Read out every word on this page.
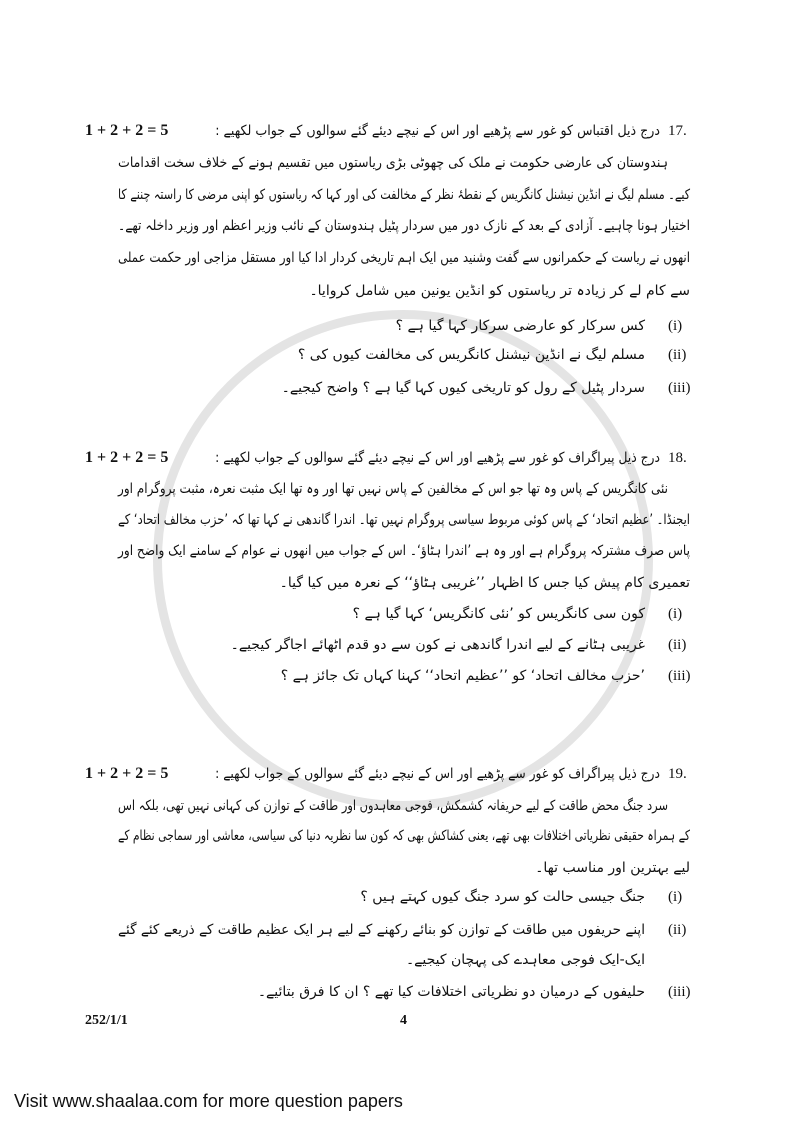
17.
درج ذیل اقتباس کو غور سے پڑھیے اور اس کے نیچے دیئے گئے سوالوں کے جواب لکھیے :
1 + 2 + 2 = 5
ہندوستان کی عارضی حکومت نے ملک کی چھوٹی بڑی ریاستوں میں تقسیم ہونے کے خلاف سخت اقدامات
کیے۔ مسلم لیگ نے انڈین نیشنل کانگریس کے نقطۂ نظر کے مخالفت کی اور کہا کہ ریاستوں کو اپنی مرضی کا راستہ چننے کا
اختیار ہونا چاہیے۔ آزادی کے بعد کے نازک دور میں سردار پٹیل ہندوستان کے نائب وزیر اعظم اور وزیر داخلہ تھے۔
انھوں نے ریاست کے حکمرانوں سے گفت وشنید میں ایک اہم تاریخی کردار ادا کیا اور مستقل مزاجی اور حکمت عملی
سے کام لے کر زیادہ تر ریاستوں کو انڈین یونین میں شامل کروایا۔
(i)
کس سرکار کو عارضی سرکار کہا گیا ہے ؟
(ii)
مسلم لیگ نے انڈین نیشنل کانگریس کی مخالفت کیوں کی ؟
(iii)
سردار پٹیل کے رول کو تاریخی کیوں کہا گیا ہے ؟ واضح کیجیے۔
18.
درج ذیل پیراگراف کو غور سے پڑھیے اور اس کے نیچے دیئے گئے سوالوں کے جواب لکھیے :
1 + 2 + 2 = 5
نئی کانگریس کے پاس وہ تھا جو اس کے مخالفین کے پاس نہیں تھا اور وہ تھا ایک مثبت نعرہ، مثبت پروگرام اور
ایجنڈا۔ ’عظیم اتحاد‘ کے پاس کوئی مربوط سیاسی پروگرام نہیں تھا۔ اندرا گاندھی نے کہا تھا کہ ’حزب مخالف اتحاد‘ کے
پاس صرف مشترکہ پروگرام ہے اور وہ ہے ’اندرا ہٹاؤ‘۔ اس کے جواب میں انھوں نے عوام کے سامنے ایک واضح اور
تعمیری کام پیش کیا جس کا اظہار ’’غریبی ہٹاؤ‘‘ کے نعرہ میں کیا گیا۔
(i)
کون سی کانگریس کو ’نئی کانگریس‘ کہا گیا ہے ؟
(ii)
غریبی ہٹانے کے لیے اندرا گاندھی نے کون سے دو قدم اٹھائے اجاگر کیجیے۔
(iii)
’حزب مخالف اتحاد‘ کو ’’عظیم اتحاد‘‘ کہنا کہاں تک جائز ہے ؟
19.
درج ذیل پیراگراف کو غور سے پڑھیے اور اس کے نیچے دیئے گئے سوالوں کے جواب لکھیے :
1 + 2 + 2 = 5
سرد جنگ محض طاقت کے لیے حریفانہ کشمکش، فوجی معاہدوں اور طاقت کے توازن کی کہانی نہیں تھی، بلکہ اس
کے ہمراہ حقیقی نظریاتی اختلافات بھی تھے، یعنی کشاکش بھی کہ کون سا نظریہ دنیا کی سیاسی، معاشی اور سماجی نظام کے
لیے بہترین اور مناسب تھا۔
(i)
جنگ جیسی حالت کو سرد جنگ کیوں کہتے ہیں ؟
(ii)
اپنے حریفوں میں طاقت کے توازن کو بنائے رکھنے کے لیے ہر ایک عظیم طاقت کے ذریعے کئے گئے
ایک-ایک فوجی معاہدے کی پہچان کیجیے۔
(iii)
حلیفوں کے درمیان دو نظریاتی اختلافات کیا تھے ؟ ان کا فرق بتائیے۔
252/1/1	4
Visit www.shaalaa.com for more question papers
